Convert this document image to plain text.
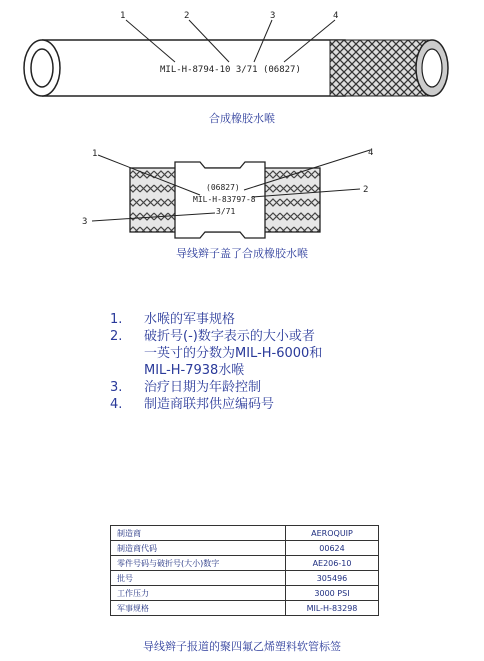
1	2	3	4
MIL-H-8794-10 3/71 (06827)
合成橡胶水喉
1	4
2
3
(06827)
MIL-H-83797-8
3/71
导线辫子盖了合成橡胶水喉
1.	水喉的军事规格
2.	破折号(-)数字表示的大小或者
一英寸的分数为MIL-H-6000和
MIL-H-7938水喉
3.	治疗日期为年龄控制
4.	制造商联邦供应编码号
制造商	AEROQUIP
制造商代码	00624
零件号码与破折号(大小)数字	AE206-10
批号	305496
工作压力	3000 PSI
军事规格	MIL-H-83298
导线辫子报道的聚四氟乙烯塑料软管标签
